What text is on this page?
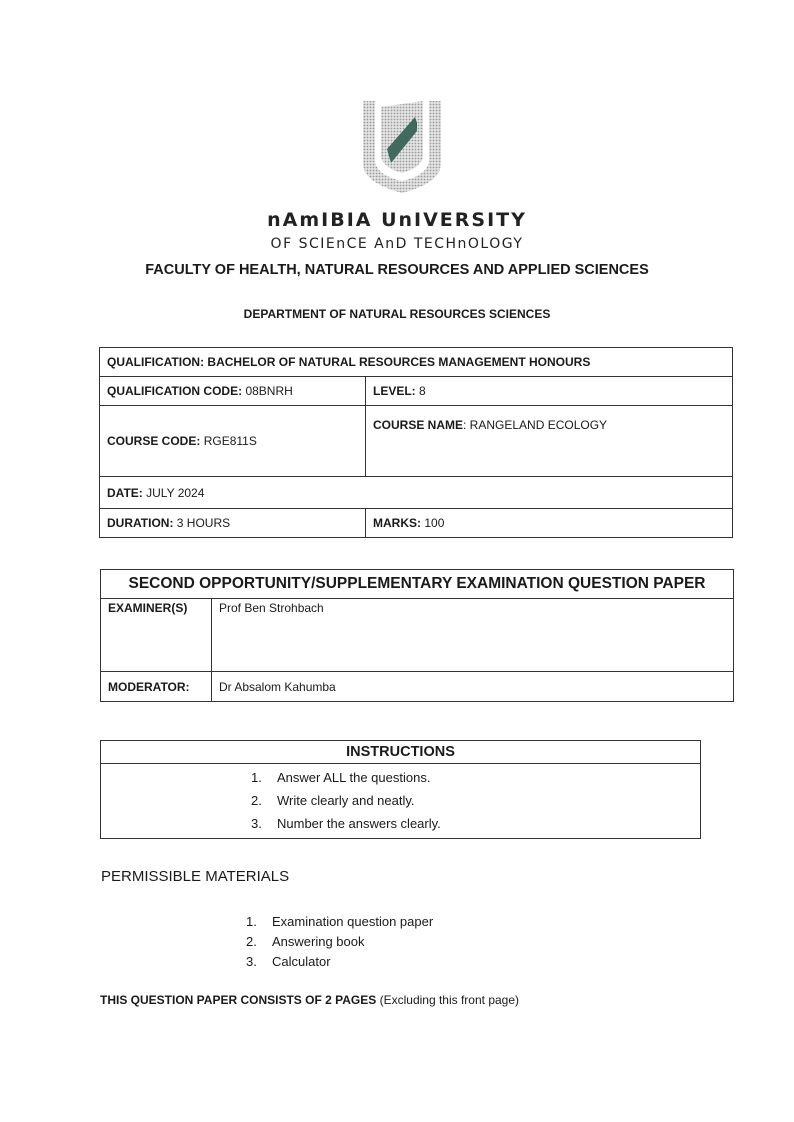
nAmIBIA UnIVERSITY
OF SCIEnCE AnD TECHnOLOGY
FACULTY OF HEALTH, NATURAL RESOURCES AND APPLIED SCIENCES
DEPARTMENT OF NATURAL RESOURCES SCIENCES
QUALIFICATION: BACHELOR OF NATURAL RESOURCES MANAGEMENT HONOURS	
QUALIFICATION CODE: 08BNRH	LEVEL: 8
COURSE CODE: RGE811S	COURSE NAME: RANGELAND ECOLOGY
DATE: JULY 2024	
DURATION: 3 HOURS	MARKS: 100
SECOND OPPORTUNITY/SUPPLEMENTARY EXAMINATION QUESTION PAPER	
EXAMINER(S)	Prof Ben Strohbach
MODERATOR:	Dr Absalom Kahumba
INSTRUCTIONS

1. Answer ALL the questions.
2. Write clearly and neatly.
3. Number the answers clearly.
PERMISSIBLE MATERIALS
1. Examination question paper
2. Answering book
3. Calculator
THIS QUESTION PAPER CONSISTS OF 2 PAGES (Excluding this front page)
